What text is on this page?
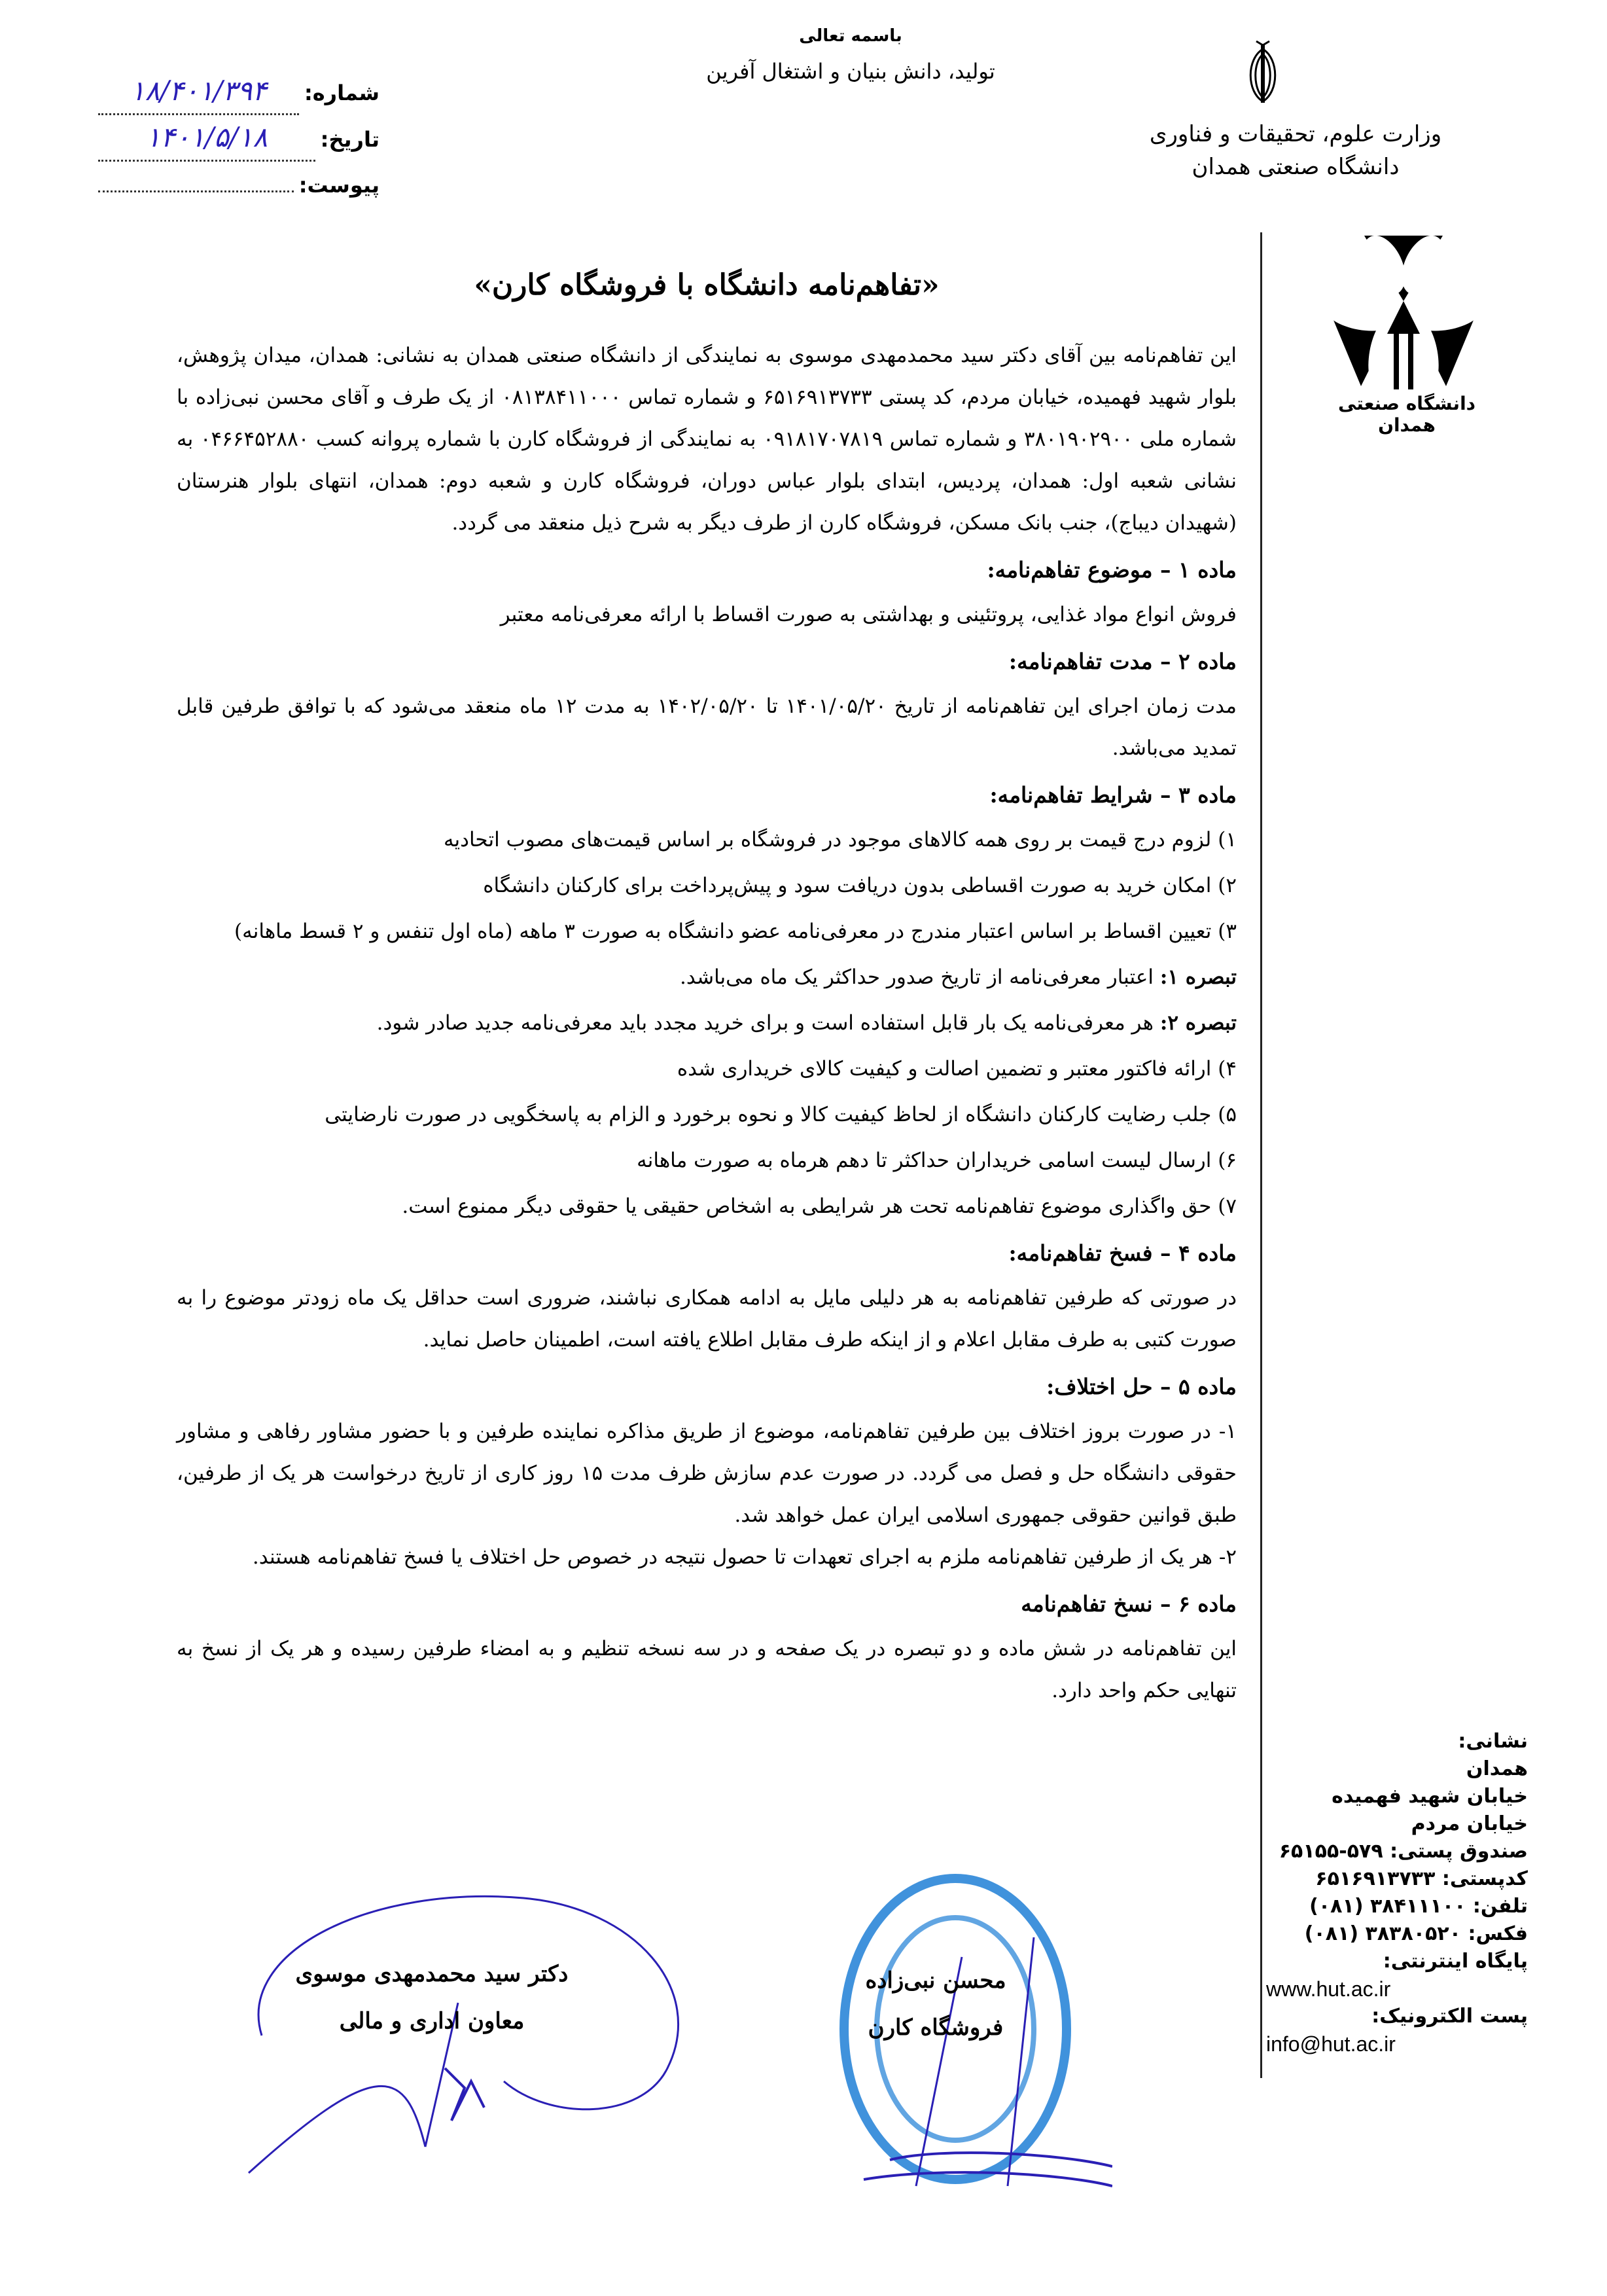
باسمه تعالی
تولید، دانش بنیان و اشتغال آفرین
وزارت علوم، تحقیقات و فناوری
دانشگاه صنعتی همدان
شماره:
۱۸/۴۰۱/۳۹۴
تاریخ:
۱۴۰۱/۵/۱۸
پیوست:
دانشگاه صنعتی همدان
«تفاهم‌نامه دانشگاه با فروشگاه کارن»

این تفاهم‌نامه بین آقای دکتر سید محمدمهدی موسوی به نمایندگی از دانشگاه صنعتی همدان به نشانی: همدان، میدان پژوهش، بلوار شهید فهمیده، خیابان مردم، کد پستی ۶۵۱۶۹۱۳۷۳۳ و شماره تماس ۰۸۱۳۸۴۱۱۰۰۰ از یک طرف و آقای محسن نبی‌زاده با شماره ملی ۳۸۰۱۹۰۲۹۰۰ و شماره تماس ۰۹۱۸۱۷۰۷۸۱۹ به نمایندگی از فروشگاه کارن با شماره پروانه کسب ۰۴۶۶۴۵۲۸۸۰ به نشانی شعبه اول: همدان، پردیس، ابتدای بلوار عباس دوران، فروشگاه کارن و شعبه دوم: همدان، انتهای بلوار هنرستان (شهیدان دیباج)، جنب بانک مسکن، فروشگاه کارن از طرف دیگر به شرح ذیل منعقد می گردد.

ماده ۱ – موضوع تفاهم‌نامه:

فروش انواع مواد غذایی، پروتئینی و بهداشتی به صورت اقساط با ارائه معرفی‌نامه معتبر

ماده ۲ – مدت تفاهم‌نامه:

مدت زمان اجرای این تفاهم‌نامه از تاریخ ۱۴۰۱/۰۵/۲۰ تا ۱۴۰۲/۰۵/۲۰ به مدت ۱۲ ماه منعقد می‌شود که با توافق طرفین قابل تمدید می‌باشد.

ماده ۳ – شرایط تفاهم‌نامه:
۱) لزوم درج قیمت بر روی همه کالاهای موجود در فروشگاه بر اساس قیمت‌های مصوب اتحادیه
۲) امکان خرید به صورت اقساطی بدون دریافت سود و پیش‌پرداخت برای کارکنان دانشگاه
۳) تعیین اقساط بر اساس اعتبار مندرج در معرفی‌نامه عضو دانشگاه به صورت ۳ ماهه (ماه اول تنفس و ۲ قسط ماهانه)
تبصره ۱: اعتبار معرفی‌نامه از تاریخ صدور حداکثر یک ماه می‌باشد.
تبصره ۲: هر معرفی‌نامه یک بار قابل استفاده است و برای خرید مجدد باید معرفی‌نامه جدید صادر شود.
۴) ارائه فاکتور معتبر و تضمین اصالت و کیفیت کالای خریداری شده
۵) جلب رضایت کارکنان دانشگاه از لحاظ کیفیت کالا و نحوه برخورد و الزام به پاسخگویی در صورت نارضایتی
۶) ارسال لیست اسامی خریداران حداکثر تا دهم هرماه به صورت ماهانه
۷) حق واگذاری موضوع تفاهم‌نامه تحت هر شرایطی به اشخاص حقیقی یا حقوقی دیگر ممنوع است.
ماده ۴ – فسخ تفاهم‌نامه:

در صورتی که طرفین تفاهم‌نامه به هر دلیلی مایل به ادامه همکاری نباشند، ضروری است حداقل یک ماه زودتر موضوع را به صورت کتبی به طرف مقابل اعلام و از اینکه طرف مقابل اطلاع یافته است، اطمینان حاصل نماید.

ماده ۵ – حل اختلاف:

۱- در صورت بروز اختلاف بین طرفین تفاهم‌نامه، موضوع از طریق مذاکره نماینده طرفین و با حضور مشاور رفاهی و مشاور حقوقی دانشگاه حل و فصل می گردد. در صورت عدم سازش ظرف مدت ۱۵ روز کاری از تاریخ درخواست هر یک از طرفین، طبق قوانین حقوقی جمهوری اسلامی ایران عمل خواهد شد.

۲- هر یک از طرفین تفاهم‌نامه ملزم به اجرای تعهدات تا حصول نتیجه در خصوص حل اختلاف یا فسخ تفاهم‌نامه هستند.

ماده ۶ – نسخ تفاهم‌نامه

این تفاهم‌نامه در شش ماده و دو تبصره در یک صفحه و در سه نسخه تنظیم و به امضاء طرفین رسیده و هر یک از نسخ به تنهایی حکم واحد دارد.

نشانی:
همدان
خیابان شهید فهمیده
خیابان مردم
صندوق پستی: ۵۷۹-۶۵۱۵۵
کدپستی: ۶۵۱۶۹۱۳۷۳۳
تلفن: ۳۸۴۱۱۱۰۰ (۰۸۱)
فکس: ۳۸۳۸۰۵۲۰ (۰۸۱)
پایگاه اینترنتی:
www.hut.ac.ir
پست الکترونیک:
info@hut.ac.ir
دکتر سید محمدمهدی موسوی
معاون اداری و مالی
محسن نبی‌زاده
فروشگاه کارن
